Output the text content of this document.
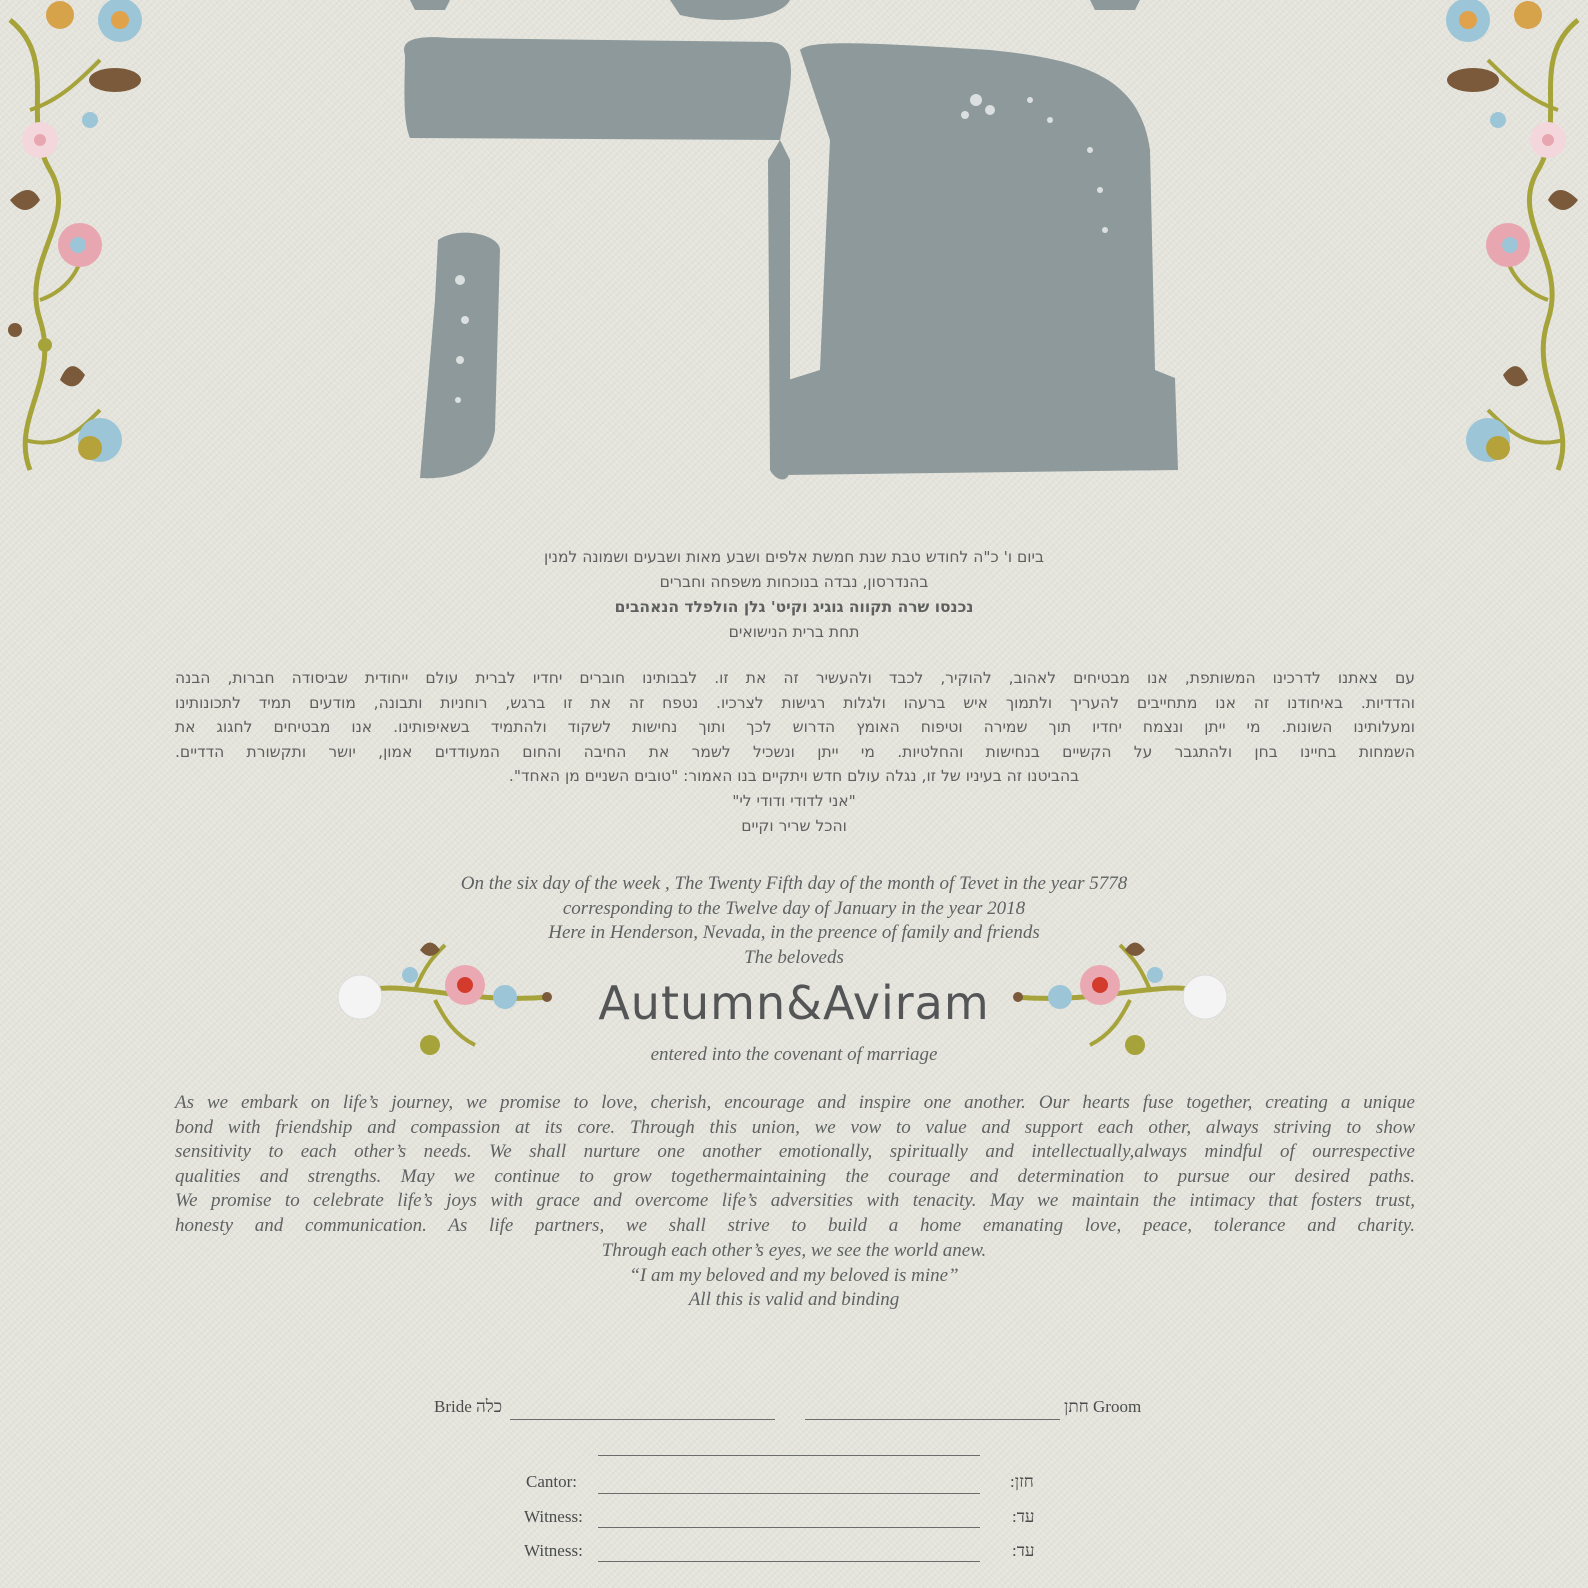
ביום ו' כ"ה לחודש טבת שנת חמשת אלפים ושבע מאות ושבעים ושמונה למנין
בהנדרסון, נבדה בנוכחות משפחה וחברים
נכנסו שרה תקווה גוגיג וקיט' גלן הולפלד הנאהבים
תחת ברית הנישואים
עם צאתנו לדרכינו המשותפת, אנו מבטיחים לאהוב, להוקיר, לכבד ולהעשיר זה את זו. לבבותינו חוברים יחדיו לברית עולם ייחודית שביסודה חברות, הבנה
והדדיות. באיחודנו זה אנו מתחייבים להעריך ולתמוך איש ברעהו ולגלות רגישות לצרכיו. נטפח זה את זו ברגש, רוחניות ותבונה, מודעים תמיד לתכונותינו
ומעלותינו השונות. מי ייתן ונצמח יחדיו תוך שמירה וטיפוח האומץ הדרוש לכך ותוך נחישות לשקוד ולהתמיד בשאיפותינו. אנו מבטיחים לחגוג את
השמחות בחיינו בחן ולהתגבר על הקשיים בנחישות והחלטיות. מי ייתן ונשכיל לשמר את החיבה והחום המעודדים אמון, יושר ותקשורת הדדיים.
בהביטנו זה בעיניו של זו, נגלה עולם חדש ויתקיים בנו האמור: "טובים השניים מן האחד".
"אני לדודי ודודי לי"
והכל שריר וקיים
On the six day of the week , The Twenty Fifth day of the month of Tevet in the year 5778
corresponding to the Twelve day of January in the year 2018
Here in Henderson, Nevada, in the preence of family and friends
The beloveds
Autumn&Aviram
entered into the covenant of marriage
As we embark on life’s journey, we promise to love, cherish, encourage and inspire one another. Our hearts fuse together, creating a unique
bond with friendship and compassion at its core. Through this union, we vow to value and support each other, always striving to show
sensitivity to each other’s needs. We shall nurture one another emotionally, spiritually and intellectually,always mindful of ourrespective
qualities and strengths. May we continue to grow togethermaintaining the courage and determination to pursue our desired paths.
We promise to celebrate life’s joys with grace and overcome life’s adversities with tenacity. May we maintain the intimacy that fosters trust,
honesty and communication. As life partners, we shall strive to build a home emanating love, peace, tolerance and charity.
Through each other’s eyes, we see the world anew.
“I am my beloved and my beloved is mine”
All this is valid and binding
Bride כלה	חתן Groom
Cantor:	:חזן
Witness:	:עד
Witness:	:עד
